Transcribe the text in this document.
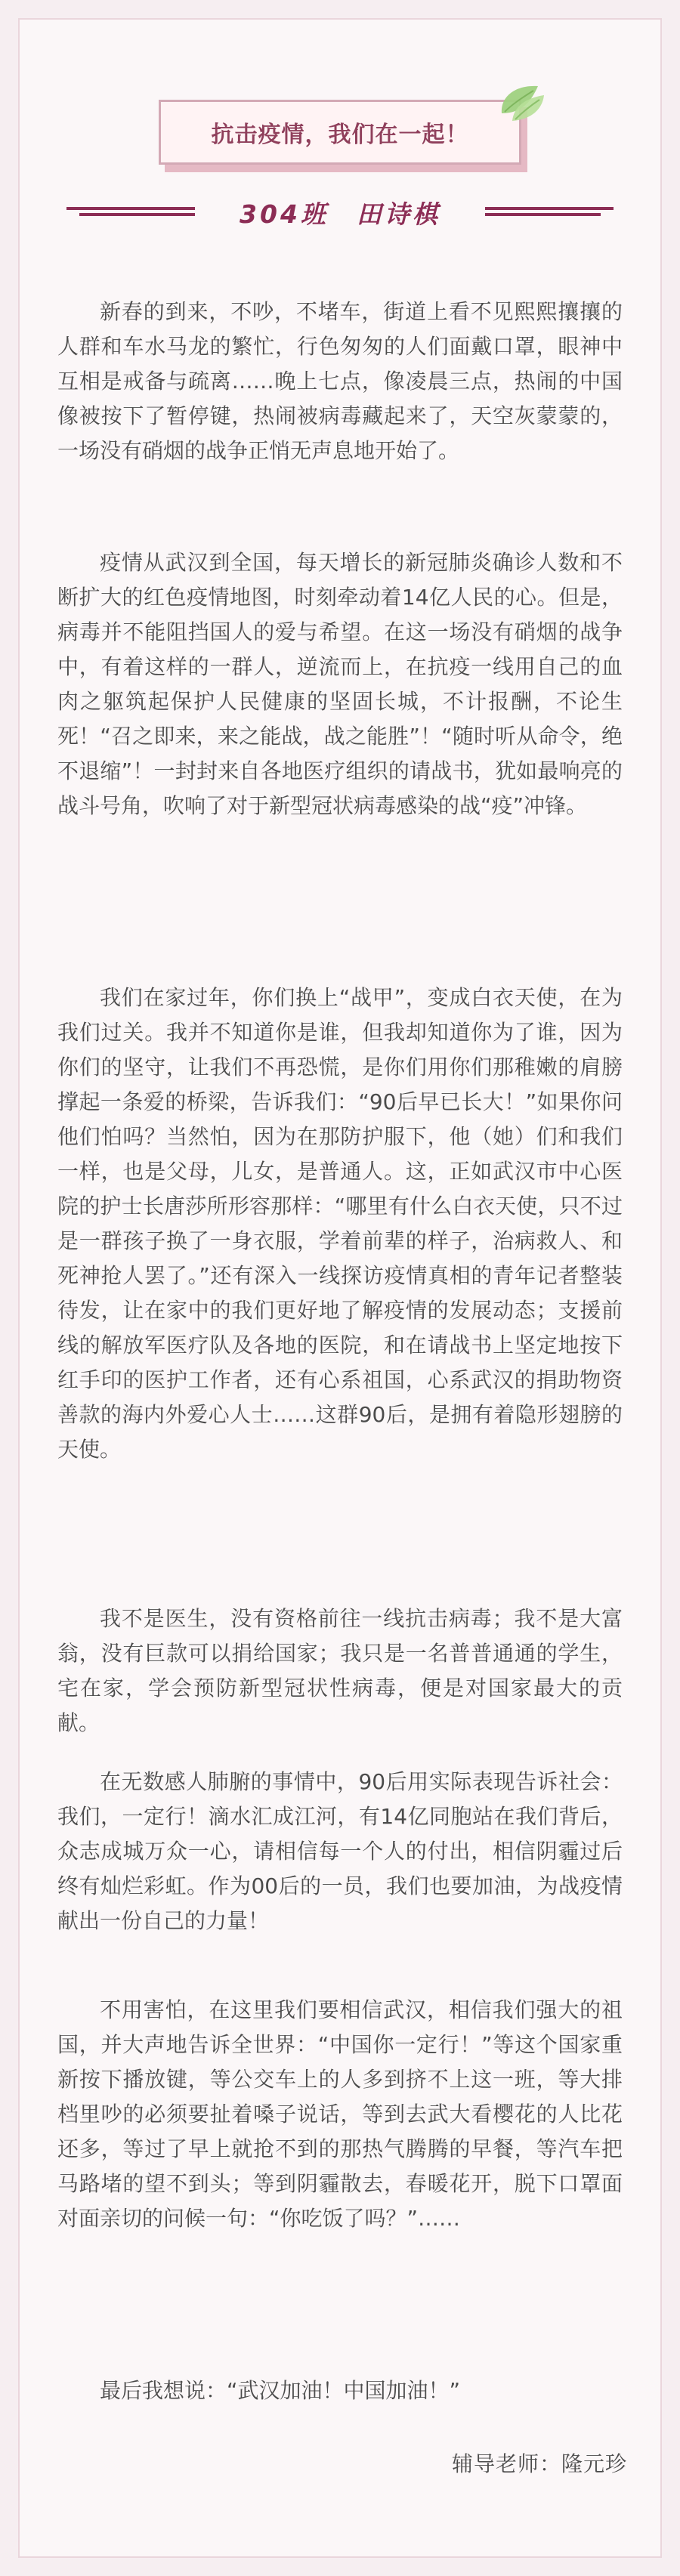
抗击疫情，我们在一起！
304班　田诗棋

新春的到来，不吵，不堵车，街道上看不见熙熙攘攘的人群和车水马龙的繁忙，行色匆匆的人们面戴口罩，眼神中互相是戒备与疏离……晚上七点，像凌晨三点，热闹的中国像被按下了暂停键，热闹被病毒藏起来了，天空灰蒙蒙的，一场没有硝烟的战争正悄无声息地开始了。

疫情从武汉到全国，每天增长的新冠肺炎确诊人数和不断扩大的红色疫情地图，时刻牵动着14亿人民的心。但是，病毒并不能阻挡国人的爱与希望。在这一场没有硝烟的战争中，有着这样的一群人，逆流而上，在抗疫一线用自己的血肉之躯筑起保护人民健康的坚固长城，不计报酬，不论生死！“召之即来，来之能战，战之能胜”！“随时听从命令，绝不退缩”！一封封来自各地医疗组织的请战书，犹如最响亮的战斗号角，吹响了对于新型冠状病毒感染的战“疫”冲锋。

我们在家过年，你们换上“战甲”，变成白衣天使，在为我们过关。我并不知道你是谁，但我却知道你为了谁，因为你们的坚守，让我们不再恐慌，是你们用你们那稚嫩的肩膀撑起一条爱的桥梁，告诉我们：“90后早已长大！”如果你问他们怕吗？当然怕，因为在那防护服下，他（她）们和我们一样，也是父母，儿女，是普通人。这，正如武汉市中心医院的护士长唐莎所形容那样：“哪里有什么白衣天使，只不过是一群孩子换了一身衣服，学着前辈的样子，治病救人、和死神抢人罢了。”还有深入一线探访疫情真相的青年记者整装待发，让在家中的我们更好地了解疫情的发展动态；支援前线的解放军医疗队及各地的医院，和在请战书上坚定地按下红手印的医护工作者，还有心系祖国，心系武汉的捐助物资善款的海内外爱心人士……这群90后，是拥有着隐形翅膀的天使。

我不是医生，没有资格前往一线抗击病毒；我不是大富翁，没有巨款可以捐给国家；我只是一名普普通通的学生，宅在家，学会预防新型冠状性病毒，便是对国家最大的贡献。

在无数感人肺腑的事情中，90后用实际表现告诉社会：我们，一定行！滴水汇成江河，有14亿同胞站在我们背后，众志成城万众一心，请相信每一个人的付出，相信阴霾过后终有灿烂彩虹。作为00后的一员，我们也要加油，为战疫情献出一份自己的力量！

不用害怕，在这里我们要相信武汉，相信我们强大的祖国，并大声地告诉全世界：“中国你一定行！”等这个国家重新按下播放键，等公交车上的人多到挤不上这一班，等大排档里吵的必须要扯着嗓子说话，等到去武大看樱花的人比花还多，等过了早上就抢不到的那热气腾腾的早餐，等汽车把马路堵的望不到头；等到阴霾散去，春暖花开，脱下口罩面对面亲切的问候一句：“你吃饭了吗？”……

最后我想说：“武汉加油！中国加油！”

辅导老师：隆元珍
